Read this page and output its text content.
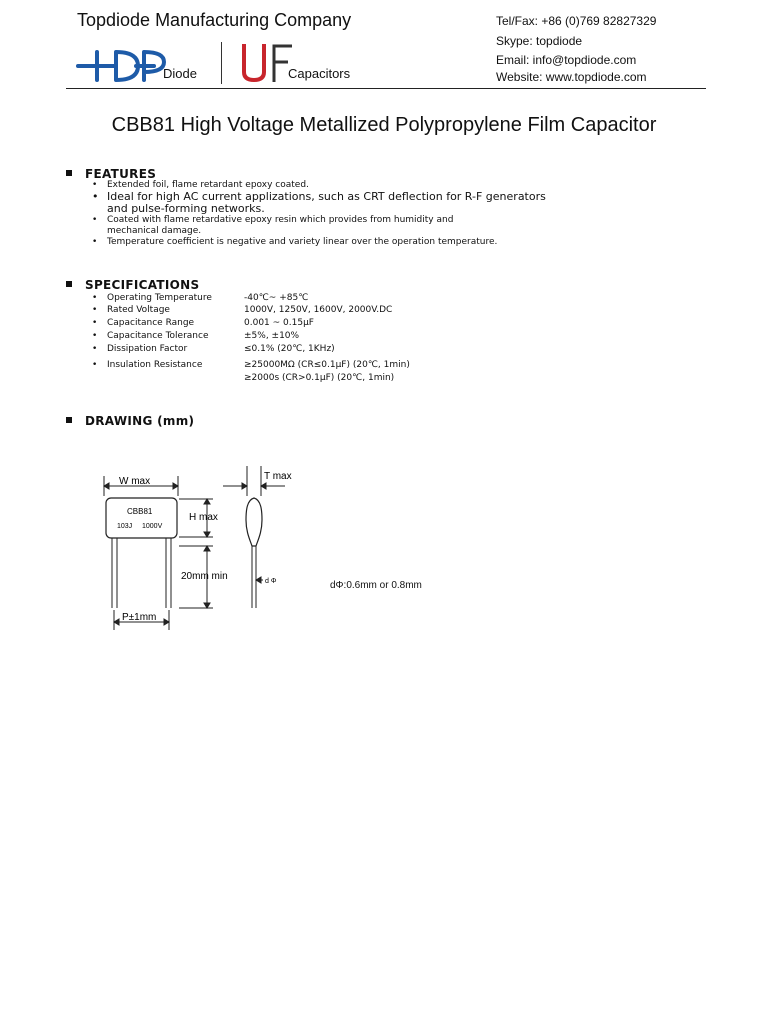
Topdiode Manufacturing Company	Tel/Fax: +86 (0)769 82827329
Skype: topdiode
Email: info@topdiode.com
Website: www.topdiode.com
Diode	Capacitors
CBB81 High Voltage Metallized Polypropylene Film Capacitor
FEATURES
• Extended foil, flame retardant epoxy coated.
• Ideal for high AC current applizations, such as CRT deflection for R-F generators and pulse-forming networks.
• Coated with flame retardative epoxy resin which provides from humidity and mechanical damage.
• Temperature coefficient is negative and variety linear over the operation temperature.
SPECIFICATIONS
• Operating Temperature	-40℃~ +85℃
• Rated Voltage	1000V, 1250V, 1600V, 2000V.DC
• Capacitance Range	0.001 ~ 0.15μF
• Capacitance Tolerance	±5%, ±10%
• Dissipation Factor	≤0.1% (20℃, 1KHz)
• Insulation Resistance	≥25000MΩ (CR≤0.1μF) (20℃, 1min)
≥2000s (CR>0.1μF) (20℃, 1min)
DRAWING (mm)
W max	T max
H max
CBB81
103J 1000V
20mm min
P±1mm
d Φ	dΦ:0.6mm or 0.8mm
